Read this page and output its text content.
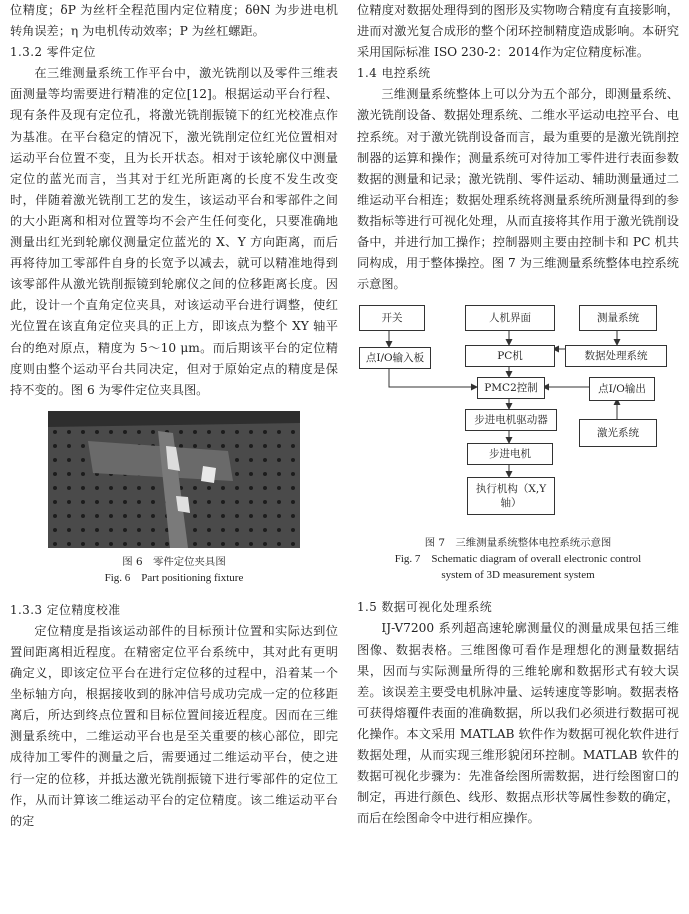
位精度；δP 为丝杆全程范围内定位精度；δθN 为步进电机转角误差；η 为电机传动效率；P 为丝杠螺距。

1.3.2 零件定位

在三维测量系统工作平台中，激光铣削以及零件三维表面测量等均需要进行精准的定位[12]。根据运动平台行程、现有条件及现有定位孔，将激光铣削振镜下的红光校准点作为基准。在平台稳定的情况下，激光铣削定位红光位置相对运动平台位置不变，且为长开状态。相对于该轮廓仪中测量定位的蓝光而言，当其对于红光所距离的长度不发生改变时，伴随着激光铣削工艺的发生，该运动平台和零部件之间的大小距离和相对位置等均不会产生任何变化，只要准确地测量出红光到轮廓仪测量定位蓝光的 X、Y 方向距离，而后再将待加工零部件自身的长宽予以减去，就可以精准地得到该零部件从激光铣削振镜到轮廓仪之间的位移距离长度。因此，设计一个直角定位夹具，对该运动平台进行调整，使红光位置在该直角定位夹具的正上方，即该点为整个 XY 轴平台的绝对原点，精度为 5～10 μm。而后期该平台的定位精度则由整个运动平台共同决定，但对于原始定点的精度是保持不变的。图 6 为零件定位夹具图。

图 6　零件定位夹具图

Fig. 6　Part positioning fixture

1.3.3 定位精度校准

定位精度是指该运动部件的目标预计位置和实际达到位置间距离相近程度。在精密定位平台系统中，其对此有更明确定义，即该定位平台在进行定位移的过程中，沿着某一个坐标轴方向，根据接收到的脉冲信号成功完成一定的位移距离后，所达到终点位置和目标位置间接近程度。因而在三维测量系统中，二维运动平台也是至关重要的核心部位，即完成待加工零件的测量之后，需要通过二维运动平台，使之进行一定的位移，并抵达激光铣削振镜下进行零部件的定位工作，从而计算该二维运动平台的定位精度。该二维运动平台的定

位精度对数据处理得到的图形及实物吻合精度有直接影响，进而对激光复合成形的整个闭环控制精度造成影响。本研究采用国际标准 ISO 230-2：2014作为定位精度标准。

1.4 电控系统

三维测量系统整体上可以分为五个部分，即测量系统、激光铣削设备、数据处理系统、二维水平运动电控平台、电控系统。对于激光铣削设备而言，最为重要的是激光铣削控制器的运算和操作；测量系统可对待加工零件进行表面参数数据的测量和记录；激光铣削、零件运动、辅助测量通过二维运动平台相连；数据处理系统将测量系统所测量得到的参数指标等进行可视化处理，从而直接将其作用于激光铣削设备中，并进行加工操作；控制器则主要由控制卡和 PC 机共同构成，用于整体操控。图 7 为三维测量系统整体电控系统示意图。

开关
点I/O输入板
人机界面
PC机
测量系统
数据处理系统
PMC2控制	点I/O输出
步进电机驱动器
激光系统
步进电机
执行机构（X,Y
轴）

图 7　三维测量系统整体电控系统示意图

Fig. 7　Schematic diagram of overall electronic control

system of 3D measurement system

1.5 数据可视化处理系统

IJ-V7200 系列超高速轮廓测量仪的测量成果包括三维图像、数据表格。三维图像可看作是理想化的测量数据结果，因而与实际测量所得的三维轮廓和数据形式有较大误差。该误差主要受电机脉冲量、运转速度等影响。数据表格可获得熔覆件表面的准确数据，所以我们必须进行数据可视化操作。本文采用 MATLAB 软件作为数据可视化软件进行数据处理，从而实现三维形貌闭环控制。MATLAB 软件的数据可视化步骤为：先准备绘图所需数据，进行绘图窗口的制定，再进行颜色、线形、数据点形状等属性参数的确定，而后在绘图命令中进行相应操作。
